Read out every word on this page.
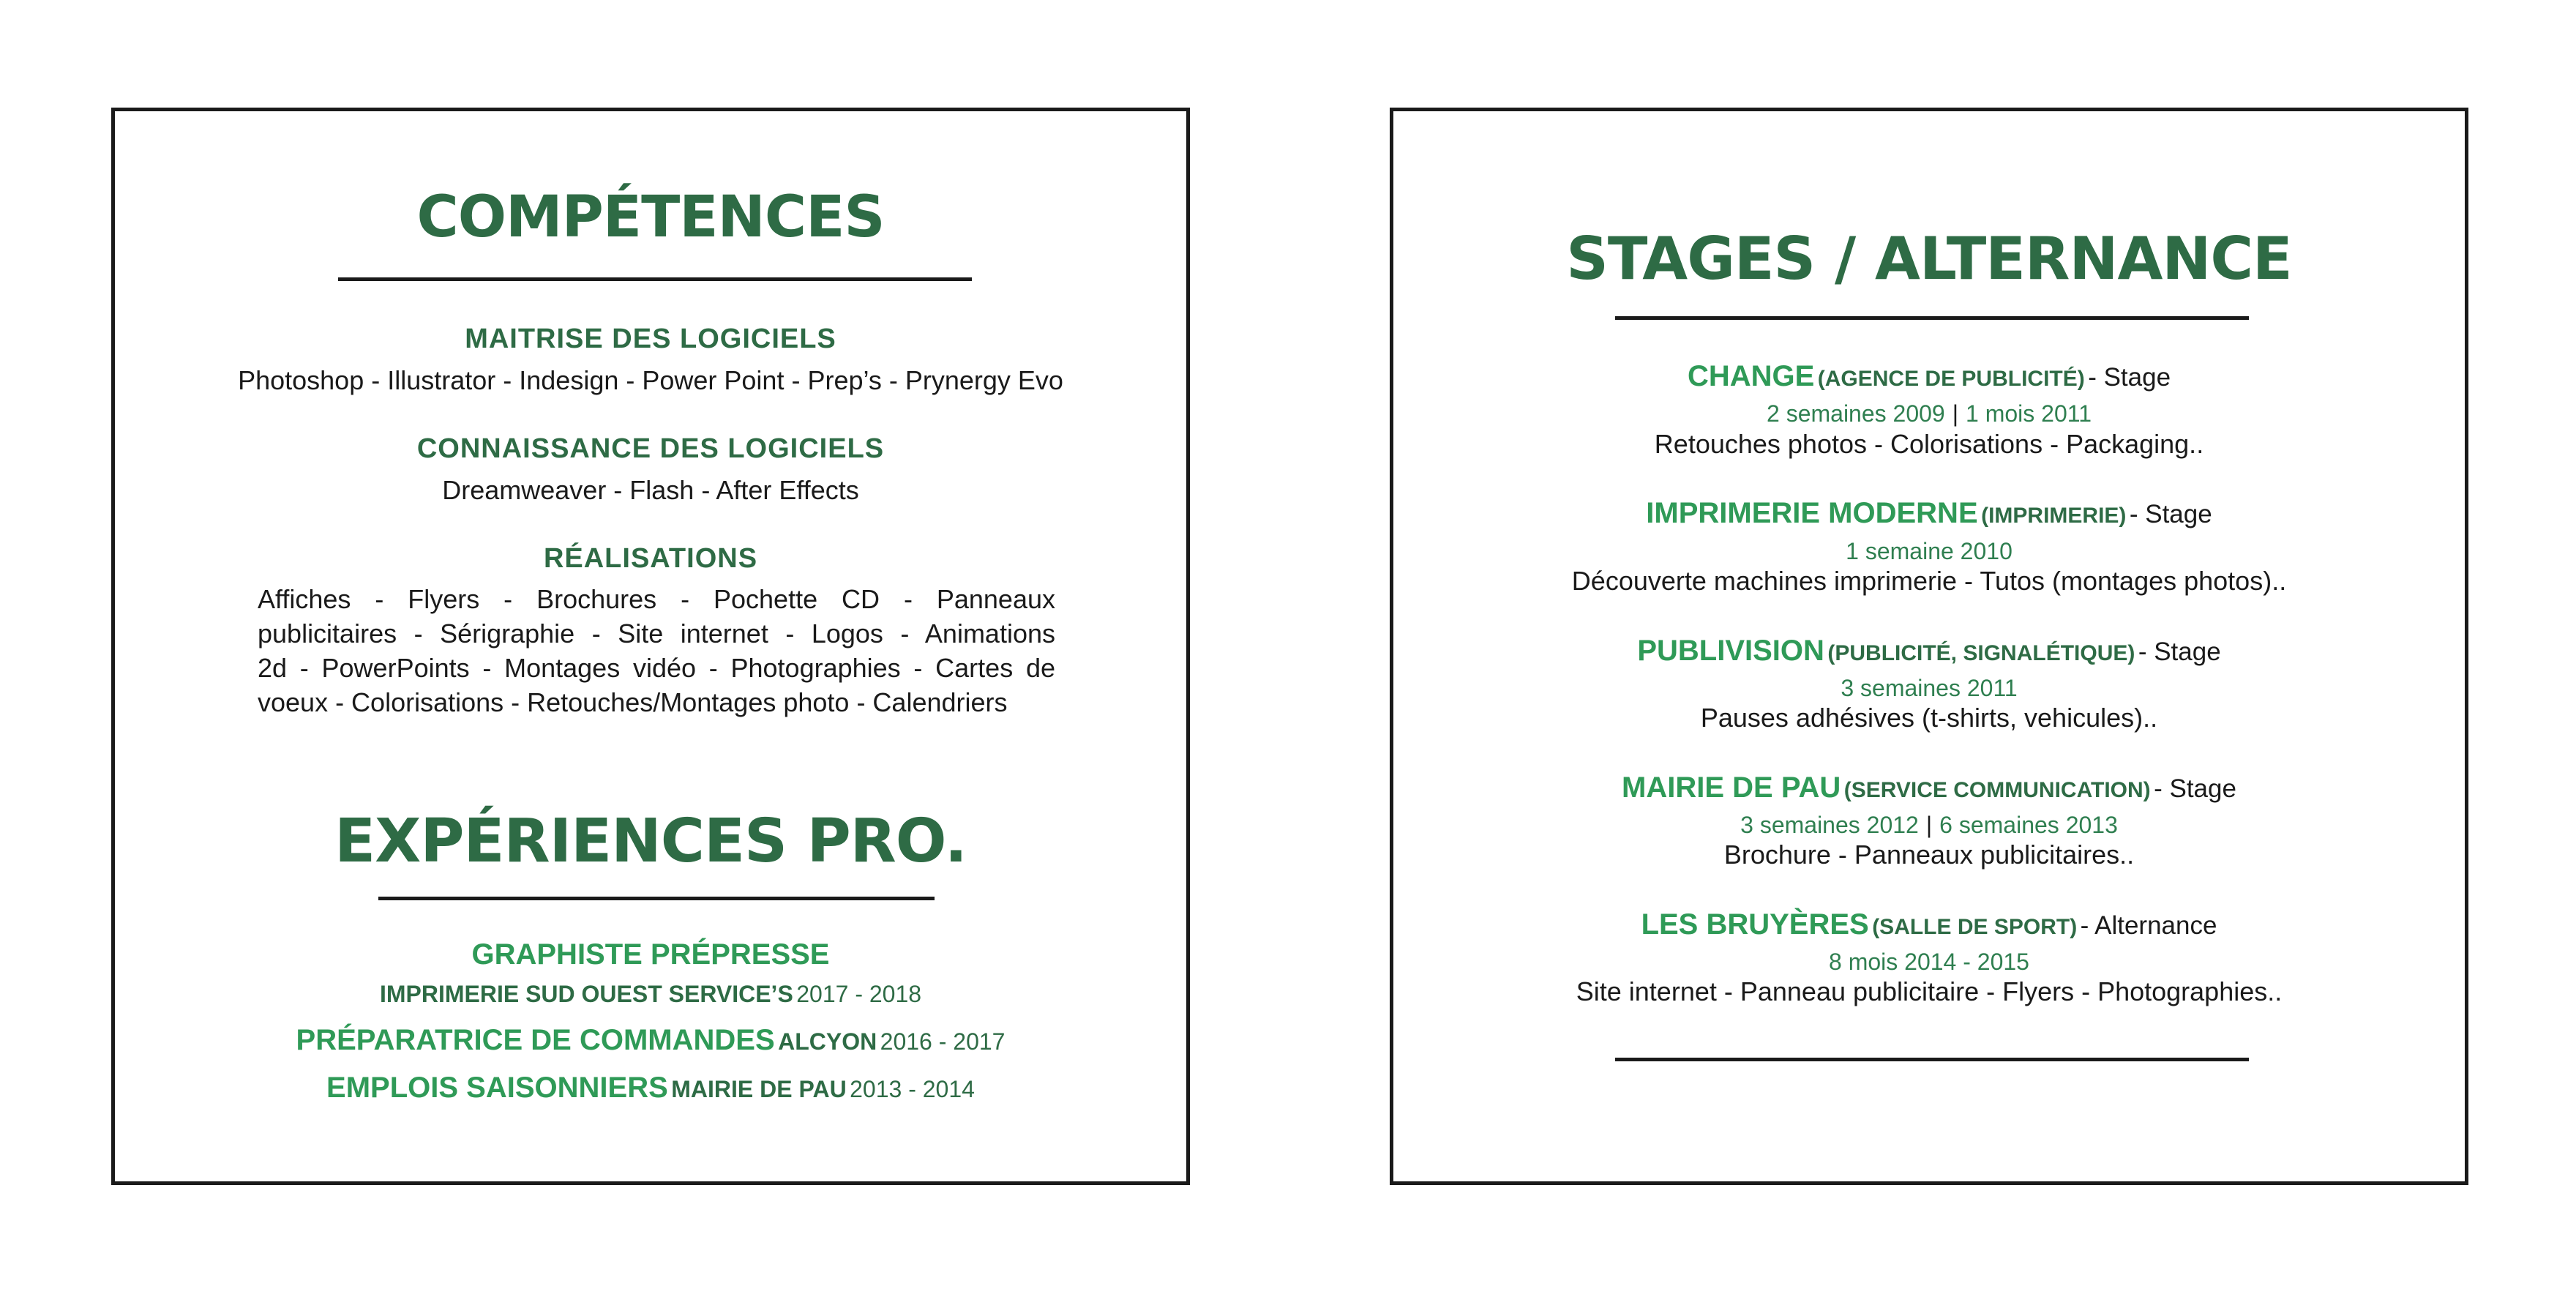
COMPÉTENCES
MAITRISE DES LOGICIELS
Photoshop - Illustrator - Indesign - Power Point - Prep’s - Prynergy Evo
CONNAISSANCE DES LOGICIELS
Dreamweaver - Flash - After Effects
RÉALISATIONS
Affiches - Flyers - Brochures - Pochette CD - Panneaux
publicitaires - Sérigraphie - Site internet - Logos - Animations
2d - PowerPoints - Montages vidéo - Photographies - Cartes de
voeux - Colorisations - Retouches/Montages photo - Calendriers
EXPÉRIENCES PRO.
GRAPHISTE PRÉPRESSE
IMPRIMERIE SUD OUEST SERVICE’S 2017 - 2018
PRÉPARATRICE DE COMMANDES ALCYON 2016 - 2017
EMPLOIS SAISONNIERS MAIRIE DE PAU 2013 - 2014
STAGES / ALTERNANCE
CHANGE (AGENCE DE PUBLICITÉ) - Stage
2 semaines 2009 | 1 mois 2011
Retouches photos - Colorisations - Packaging..
IMPRIMERIE MODERNE (IMPRIMERIE) - Stage
1 semaine 2010
Découverte machines imprimerie - Tutos (montages photos)..
PUBLIVISION (PUBLICITÉ, SIGNALÉTIQUE) - Stage
3 semaines 2011
Pauses adhésives (t-shirts, vehicules)..
MAIRIE DE PAU (SERVICE COMMUNICATION) - Stage
3 semaines 2012 | 6 semaines 2013
Brochure - Panneaux publicitaires..
LES BRUYÈRES (SALLE DE SPORT) - Alternance
8 mois 2014 - 2015
Site internet - Panneau publicitaire - Flyers - Photographies..
